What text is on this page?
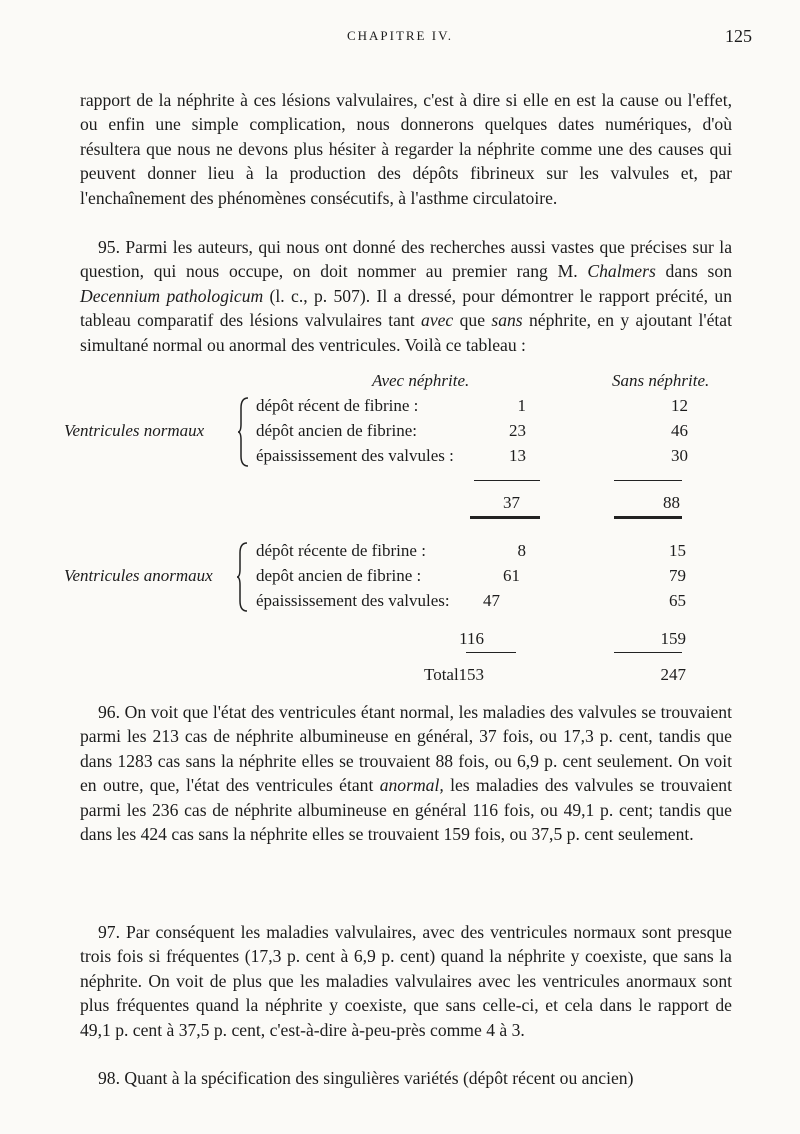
CHAPITRE IV.	125

rapport de la néphrite à ces lésions valvulaires, c'est à dire si elle en est la cause ou l'effet, ou enfin une simple complication, nous donnerons quelques dates numériques, d'où résultera que nous ne devons plus hésiter à regarder la néphrite comme une des causes qui peuvent donner lieu à la production des dépôts fibrineux sur les valvules et, par l'enchaînement des phénomènes consécutifs, à l'asthme circulatoire.

95. Parmi les auteurs, qui nous ont donné des recherches aussi vastes que précises sur la question, qui nous occupe, on doit nommer au premier rang M. Chalmers dans son Decennium pathologicum (l. c., p. 507). Il a dressé, pour démontrer le rapport précité, un tableau comparatif des lésions valvulaires tant avec que sans néphrite, en y ajoutant l'état simultané normal ou anormal des ventricules. Voilà ce tableau :

Avec néphrite.	Sans néphrite.
Ventricules normaux
dépôt récent de fibrine :	1	12
dépôt ancien de fibrine:	23	46
épaississement des valvules :	13	30
37	88
Ventricules anormaux
dépôt récente de fibrine :	8	15
depôt ancien de fibrine :	61	79
épaississement des valvules:	47	65
116	159
Total 153	247

96. On voit que l'état des ventricules étant normal, les maladies des valvules se trouvaient parmi les 213 cas de néphrite albumineuse en général, 37 fois, ou 17,3 p. cent, tandis que dans 1283 cas sans la néphrite elles se trouvaient 88 fois, ou 6,9 p. cent seulement. On voit en outre, que, l'état des ventricules étant anormal, les maladies des valvules se trouvaient parmi les 236 cas de néphrite albumineuse en général 116 fois, ou 49,1 p. cent; tandis que dans les 424 cas sans la néphrite elles se trouvaient 159 fois, ou 37,5 p. cent seulement.

97. Par conséquent les maladies valvulaires, avec des ventricules normaux sont presque trois fois si fréquentes (17,3 p. cent à 6,9 p. cent) quand la néphrite y coexiste, que sans la néphrite. On voit de plus que les maladies valvulaires avec les ventricules anormaux sont plus fréquentes quand la néphrite y coexiste, que sans celle-ci, et cela dans le rapport de 49,1 p. cent à 37,5 p. cent, c'est-à-dire à-peu-près comme 4 à 3.

98. Quant à la spécification des singulières variétés (dépôt récent ou ancien)
